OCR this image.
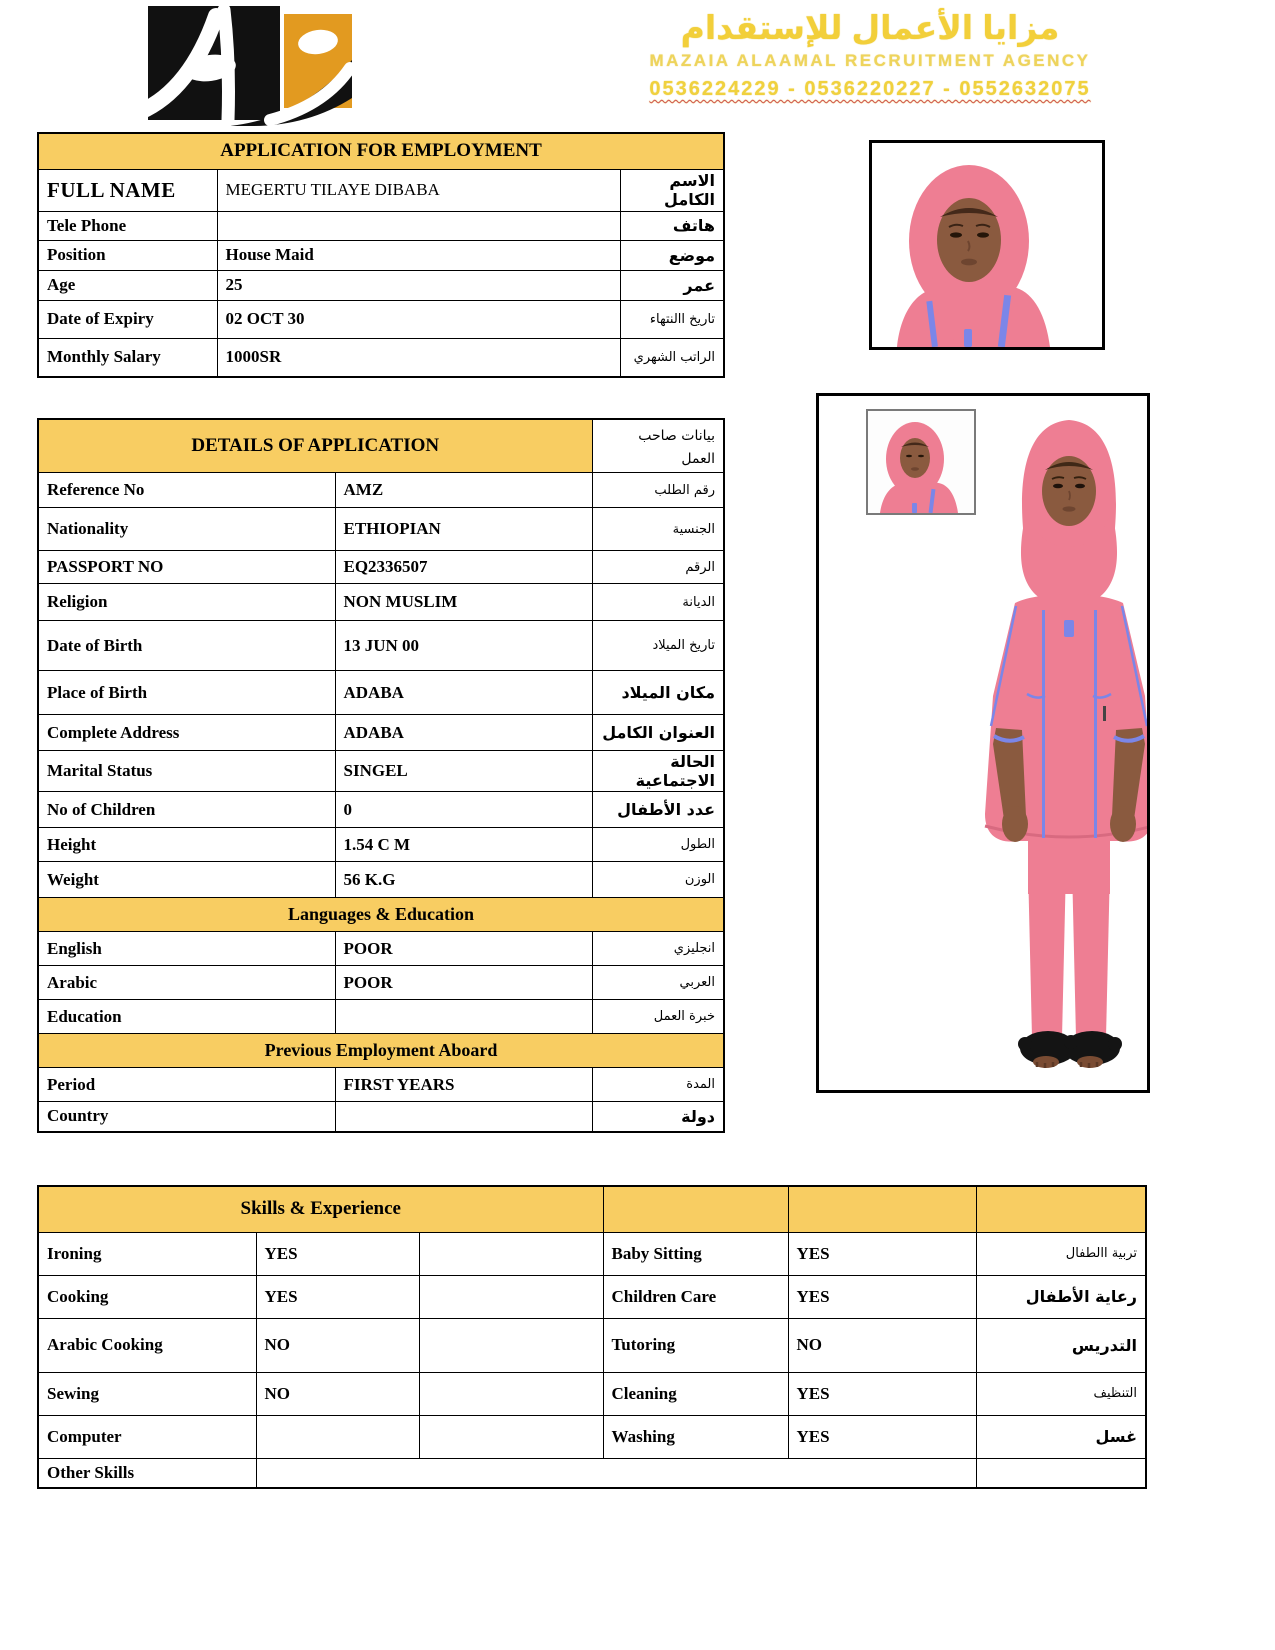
مزايا الأعمال للإستقدام
MAZAIA ALAAMAL RECRUITMENT AGENCY
0536224229 - 0536220227 - 0552632075
APPLICATION FOR EMPLOYMENT		
FULL NAME	MEGERTU TILAYE DIBABA	الاسم الكامل
Tele Phone		هاتف
Position	House Maid	موضع
Age	25	عمر
Date of Expiry	02 OCT 30	تاريخ االنتهاء
Monthly Salary	1000SR	الراتب الشهري
DETAILS OF APPLICATION		بيانات صاحب العمل
Reference No	AMZ	رقم الطلب
Nationality	ETHIOPIAN	الجنسية
PASSPORT NO	EQ2336507	الرقم
Religion	NON MUSLIM	الديانة
Date of Birth	13 JUN 00	تاريخ الميلاد
Place of Birth	ADABA	مكان الميلاد
Complete Address	ADABA	العنوان الكامل
Marital Status	SINGEL	الحالة الاجتماعية
No of Children	0	عدد الأطفال
Height	1.54 C M	الطول
Weight	56 K.G	الوزن
Languages & Education		
English	POOR	انجليزي
Arabic	POOR	العربي
Education		خبرة العمل
Previous Employment Aboard		
Period	FIRST YEARS	المدة
Country		دولة
Skills & Experience					
Ironing	YES		Baby Sitting	YES	تربية االطفال
Cooking	YES		Children Care	YES	رعاية الأطفال
Arabic Cooking	NO		Tutoring	NO	التدريس
Sewing	NO		Cleaning	YES	التنظيف
Computer			Washing	YES	غسل
Other Skills					
